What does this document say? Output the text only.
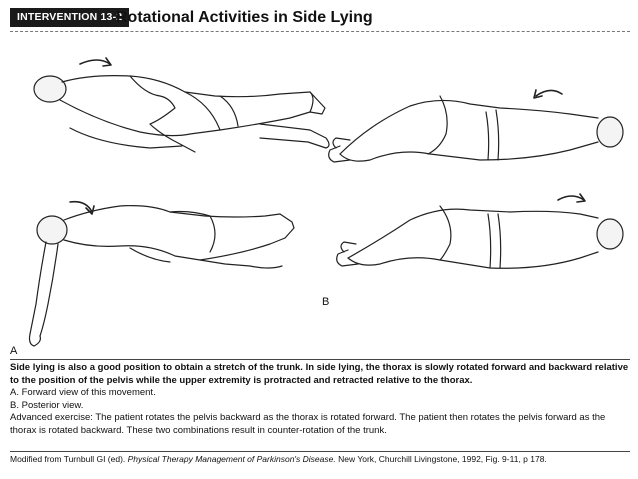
INTERVENTION 13-2
Rotational Activities in Side Lying
B
A

Side lying is also a good position to obtain a stretch of the trunk. In side lying, the thorax is slowly rotated forward and backward relative to the position of the pelvis while the upper extremity is protracted and retracted relative to the thorax.

A. Forward view of this movement.

B. Posterior view.

Advanced exercise: The patient rotates the pelvis backward as the thorax is rotated forward. The patient then rotates the pelvis forward as the thorax is rotated backward. These two combinations result in counter-rotation of the trunk.

Modified from Turnbull GI (ed). Physical Therapy Management of Parkinson's Disease. New York, Churchill Livingstone, 1992, Fig. 9-11, p 178.
